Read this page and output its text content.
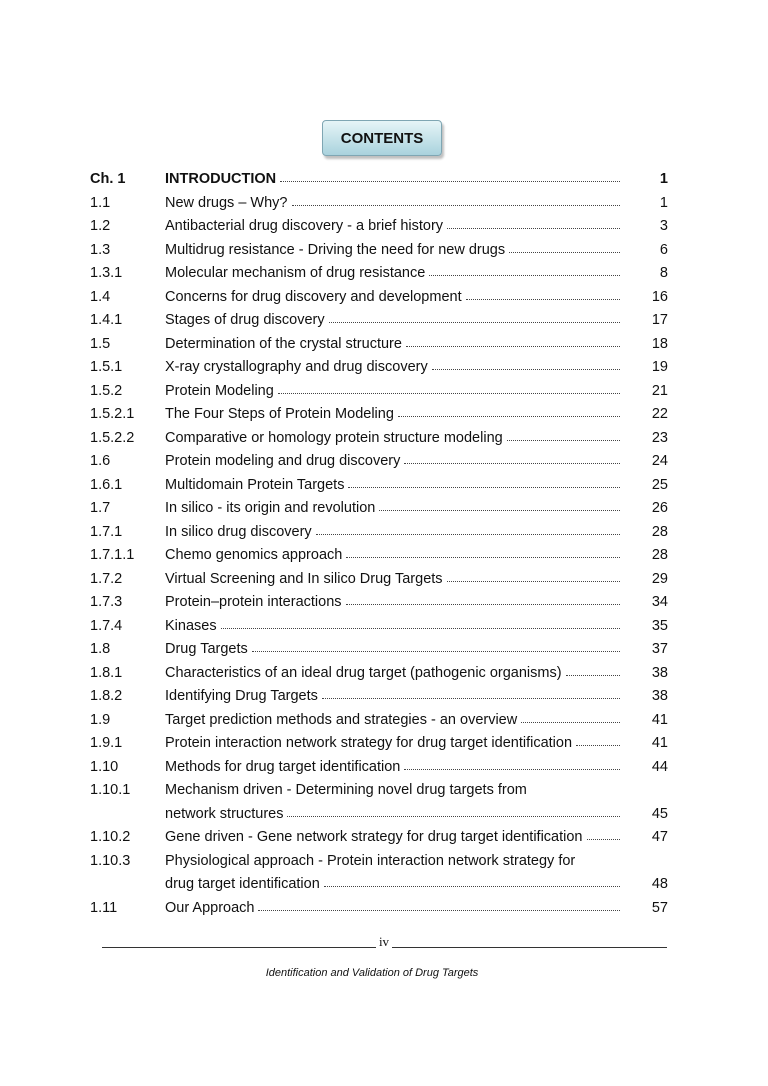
CONTENTS
Ch. 1	INTRODUCTION	1
1.1	New drugs – Why?	1
1.2	Antibacterial drug discovery - a brief history	3
1.3	Multidrug resistance - Driving the need for new drugs	6
1.3.1	Molecular mechanism of drug resistance	8
1.4	Concerns for drug discovery and development	16
1.4.1	Stages of drug discovery	17
1.5	Determination of the crystal structure	18
1.5.1	X-ray crystallography and drug discovery	19
1.5.2	Protein Modeling	21
1.5.2.1 The Four Steps of Protein Modeling	22
1.5.2.2 Comparative or homology protein structure modeling	23
1.6	Protein modeling and drug discovery	24
1.6.1	Multidomain Protein Targets	25
1.7	In silico - its origin and revolution	26
1.7.1	In silico drug discovery	28
1.7.1.1 Chemo genomics approach	28
1.7.2	Virtual Screening and In silico Drug Targets	29
1.7.3	Protein–protein interactions	34
1.7.4	Kinases	35
1.8	Drug Targets	37
1.8.1	Characteristics of an ideal drug target (pathogenic organisms)	38
1.8.2	Identifying Drug Targets	38
1.9	Target prediction methods and strategies - an overview	41
1.9.1	Protein interaction network strategy for drug target identification	41
1.10	Methods for drug target identification	44
1.10.1 Mechanism driven - Determining novel drug targets from
network structures	45
1.10.2 Gene driven - Gene network strategy for drug target identification	47
1.10.3 Physiological approach - Protein interaction network strategy for
drug target identification	48
1.11	Our Approach	57
iv
Identification and Validation of Drug Targets
